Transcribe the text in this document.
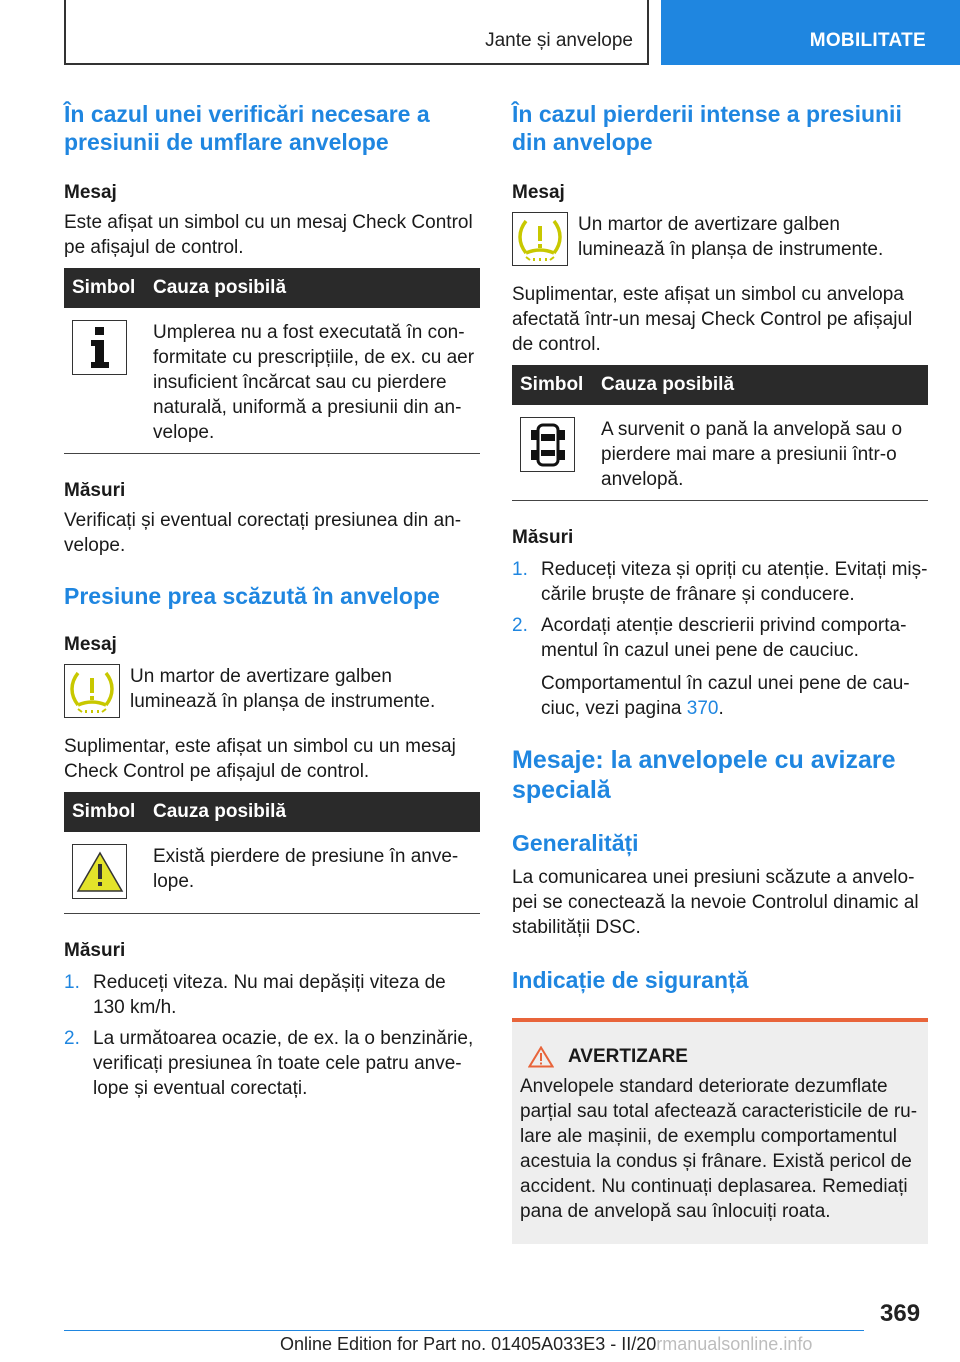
Jante și anvelope	MOBILITATE
În cazul unei verificări necesare a presiunii de umflare anvelope
Mesaj

Este afișat un simbol cu un mesaj Check Control pe afișajul de control.

Simbol Cauza posibilă
Umplerea nu a fost executată în conformitate cu prescripțiile, de ex. cu aer insuficient încărcat sau cu pierdere naturală, uniformă a presiunii din anvelope.
Măsuri

Verificați și eventual corectați presiunea din anvelope.

Presiune prea scăzută în anvelope
Mesaj

Un martor de avertizare galben luminează în planșa de instrumente.

Suplimentar, este afișat un simbol cu un mesaj Check Control pe afișajul de control.

Simbol Cauza posibilă
Există pierdere de presiune în anvelope.
Măsuri
1. Reduceți viteza. Nu mai depășiți viteza de 130 km/h.
2. La următoarea ocazie, de ex. la o benzinărie, verificați presiunea în toate cele patru anvelope și eventual corectați.
În cazul pierderii intense a presiunii din anvelope
Mesaj

Un martor de avertizare galben luminează în planșa de instrumente.

Suplimentar, este afișat un simbol cu anvelopa afectată într-un mesaj Check Control pe afișajul de control.

Simbol Cauza posibilă
A survenit o pană la anvelopă sau o pierdere mai mare a presiunii într-o anvelopă.
Măsuri
1. Reduceți viteza și opriți cu atenție. Evitați mișcările bruște de frânare și conducere.
2. Acordați atenție descrierii privind comportamentul în cazul unei pene de cauciuc.

Comportamentul în cazul unei pene de cauciuc, vezi pagina 370.

Mesaje: la anvelopele cu avizare specială
Generalități

La comunicarea unei presiuni scăzute a anvelopei se conectează la nevoie Controlul dinamic al stabilității DSC.

Indicație de siguranță
AVERTIZARE

Anvelopele standard deteriorate dezumflate parțial sau total afectează caracteristicile de rulare ale mașinii, de exemplu comportamentul acestuia la condus și frânare. Există pericol de accident. Nu continuați deplasarea. Remediați pana de anvelopă sau înlocuiți roata.

369
Online Edition for Part no. 01405A033E3 - II/20rmanualsonline.info
